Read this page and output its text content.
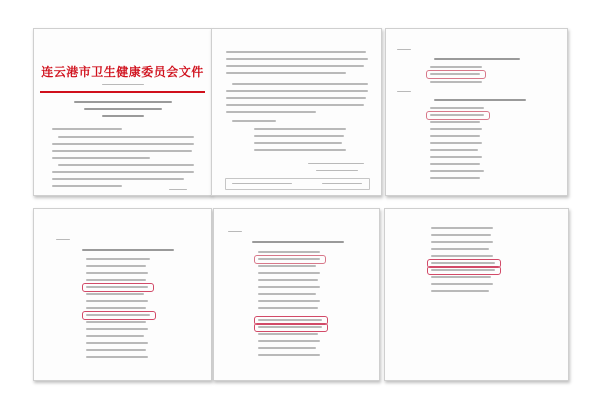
连云港市卫生健康委员会文件
